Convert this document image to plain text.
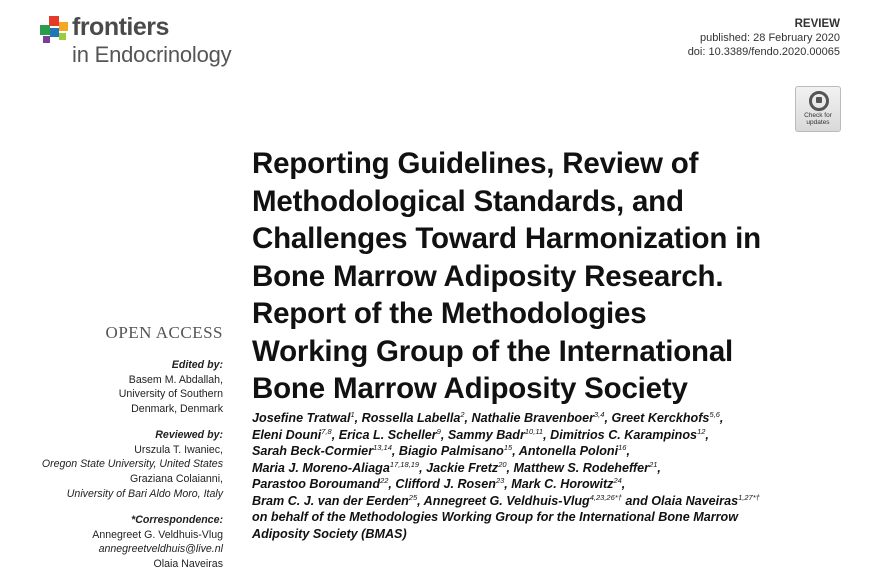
frontiers
in Endocrinology
REVIEW
published: 28 February 2020
doi: 10.3389/fendo.2020.00065
Check for
updates
Reporting Guidelines, Review of
Methodological Standards, and
Challenges Toward Harmonization in
Bone Marrow Adiposity Research.
Report of the Methodologies
Working Group of the International
Bone Marrow Adiposity Society
OPEN ACCESS
Edited by:
Basem M. Abdallah,
University of Southern
Denmark, Denmark
Reviewed by:
Urszula T. Iwaniec,
Oregon State University, United States
Graziana Colaianni,
University of Bari Aldo Moro, Italy
*Correspondence:
Annegreet G. Veldhuis-Vlug
annegreetveldhuis@live.nl
Olaia Naveiras
Josefine Tratwal$^1$, Rossella Labella$^2$, Nathalie Bravenboer$^{3,4}$, Greet Kerckhofs$^{5,6}$,
Eleni Douni$^{7,8}$, Erica L. Scheller$^9$, Sammy Badr$^{10,11}$, Dimitrios C. Karampinos$^{12}$,
Sarah Beck-Cormier$^{13,14}$, Biagio Palmisano$^{15}$, Antonella Poloni$^{16}$,
Maria J. Moreno-Aliaga$^{17,18,19}$, Jackie Fretz$^{20}$, Matthew S. Rodeheffer$^{21}$,
Parastoo Boroumand$^{22}$, Clifford J. Rosen$^{23}$, Mark C. Horowitz$^{24}$,
Bram C. J. van der Eerden$^{25}$, Annegreet G. Veldhuis-Vlug$^{4,23,26*\dagger}$ and Olaia Naveiras$^{1,27*\dagger}$
on behalf of the Methodologies Working Group for the International Bone Marrow
Adiposity Society (BMAS)
